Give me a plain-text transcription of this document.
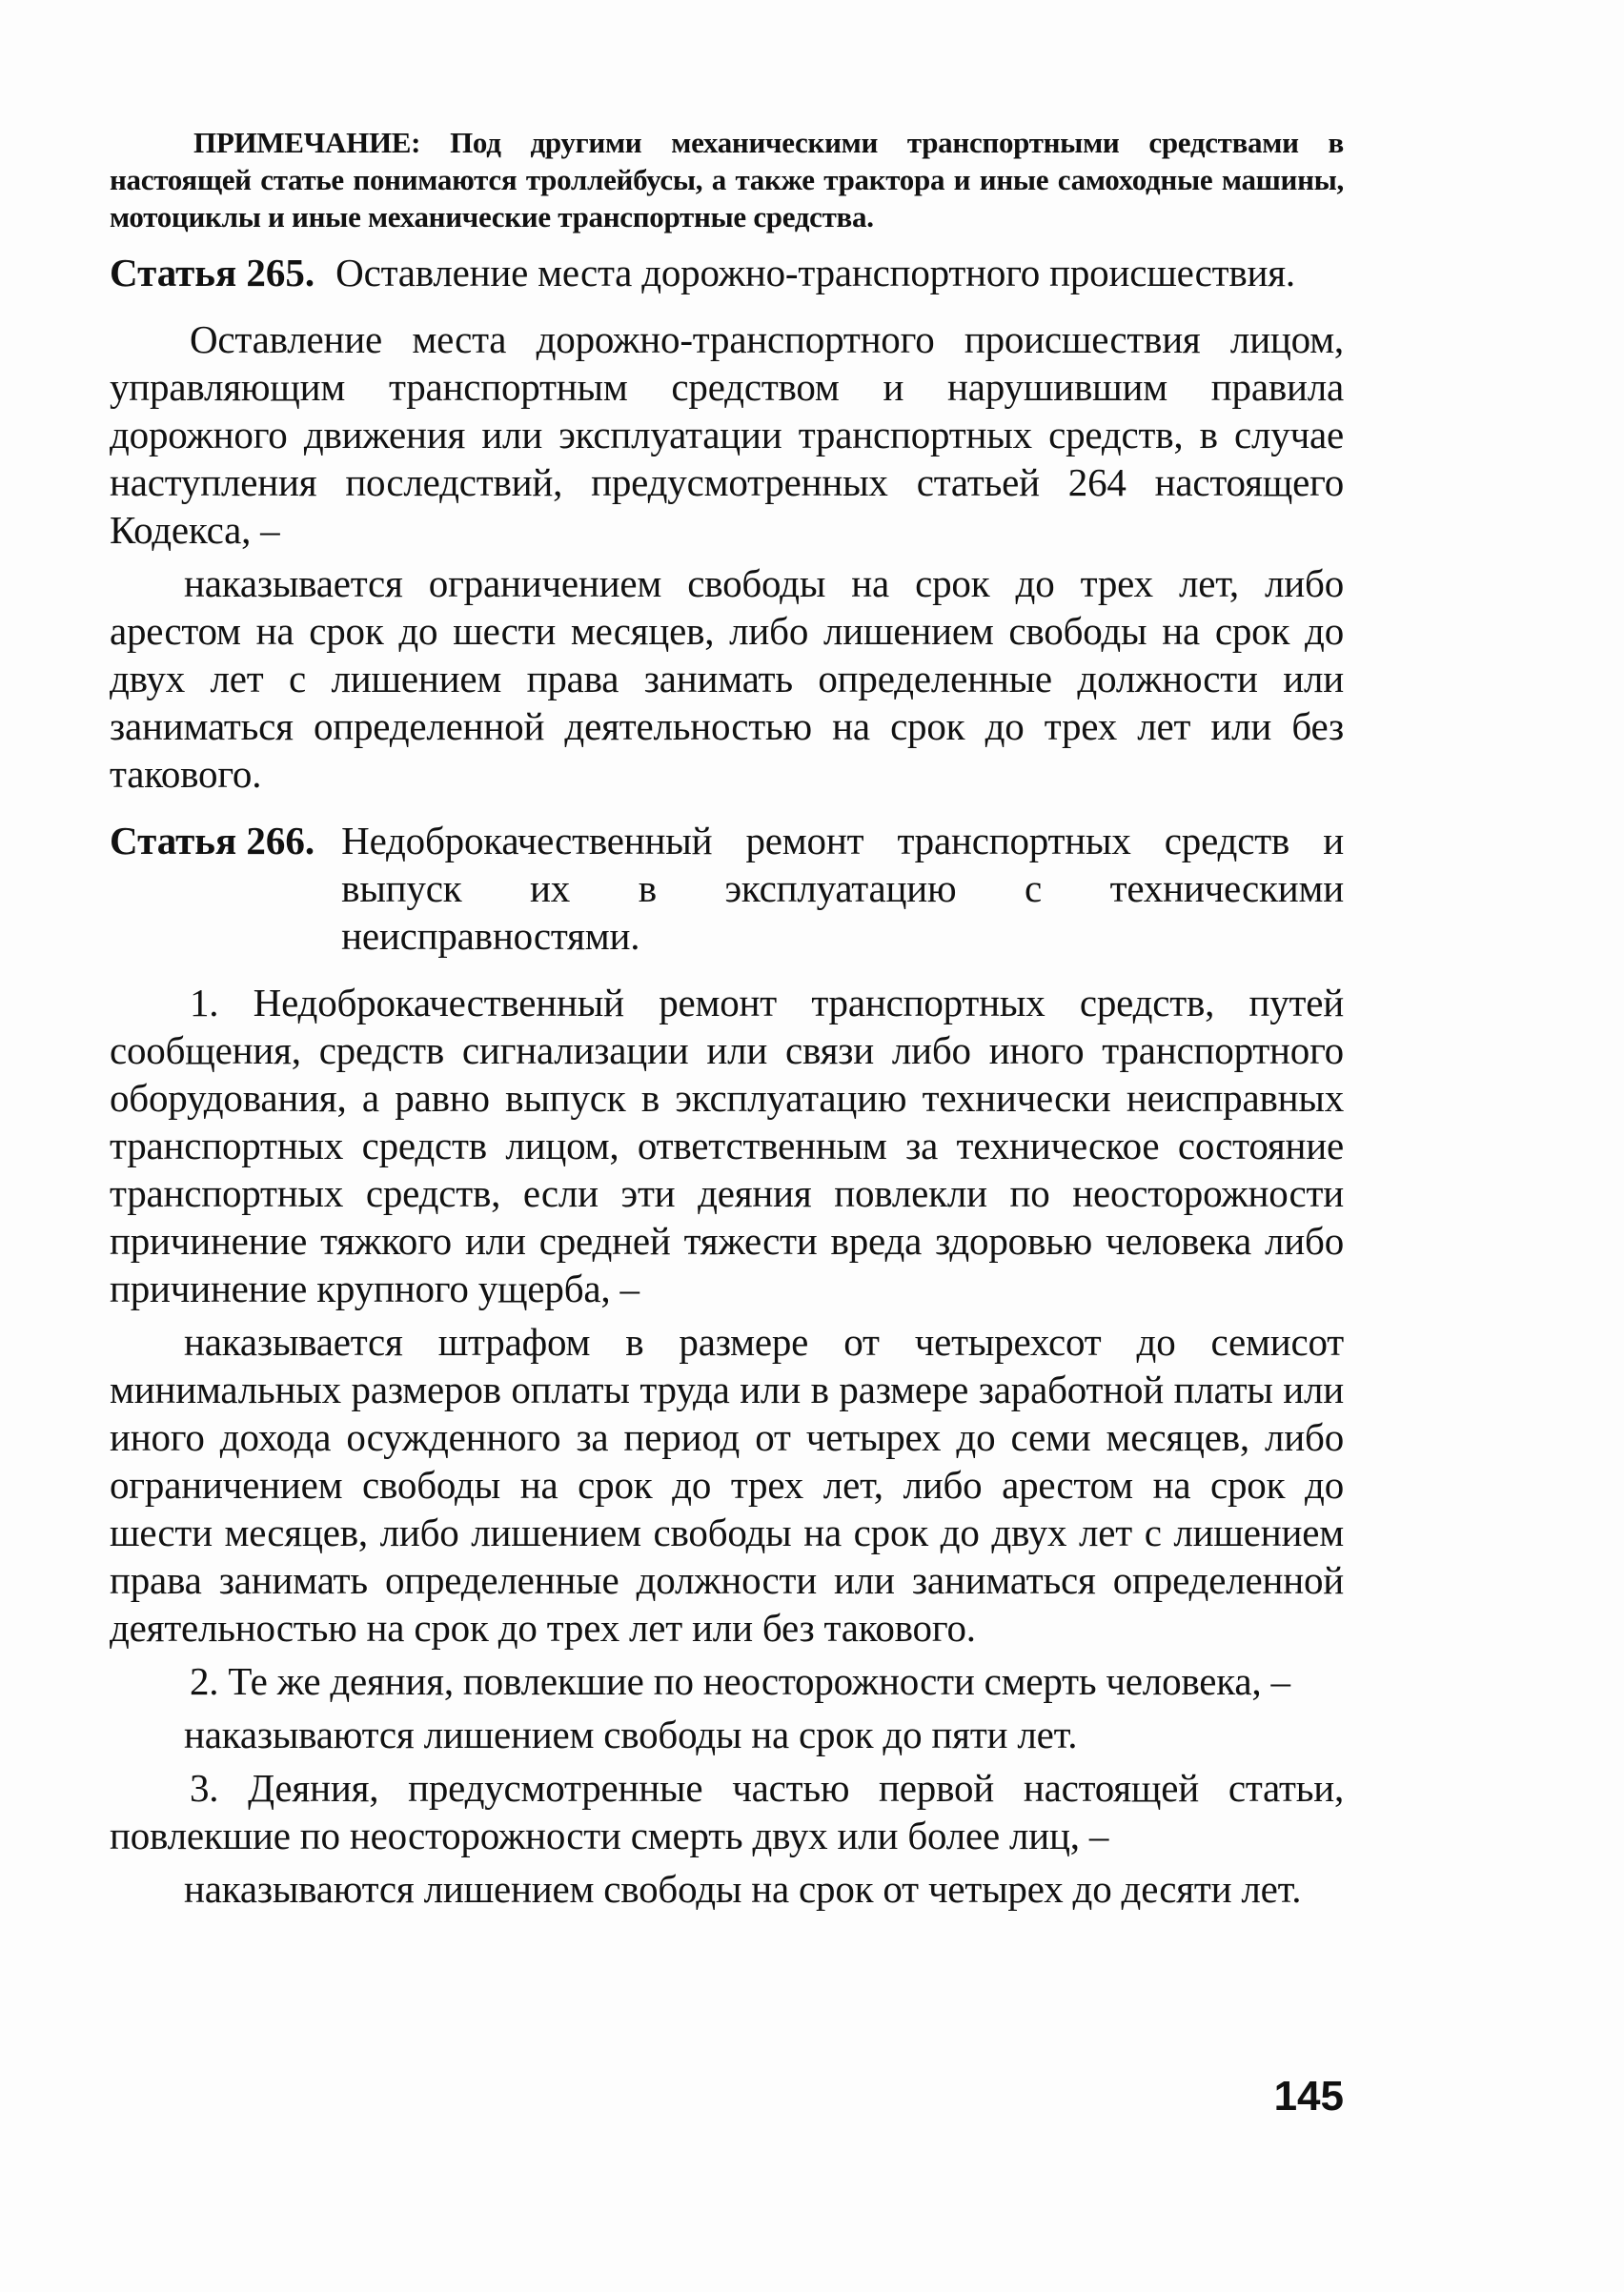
ПРИМЕЧАНИЕ: Под другими механическими транспортными средствами в настоящей статье понимаются троллейбусы, а также трактора и иные самоходные машины, мотоциклы и иные механические транспортные средства.

Статья 265. Оставление места дорожно-транспортного происшествия.

Оставление места дорожно-транспортного происшествия лицом, управляющим транспортным средством и нарушившим правила дорожного движения или эксплуатации транспортных средств, в случае наступления последствий, предусмотренных статьей 264 настоящего Кодекса, –

наказывается ограничением свободы на срок до трех лет, либо арестом на срок до шести месяцев, либо лишением свободы на срок до двух лет с лишением права занимать определенные должности или заниматься определенной деятельностью на срок до трех лет или без такового.

Статья 266. Недоброкачественный ремонт транспортных средств и выпуск их в эксплуатацию с техническими неисправностями.

1. Недоброкачественный ремонт транспортных средств, путей сообщения, средств сигнализации или связи либо иного транспортного оборудования, а равно выпуск в эксплуатацию технически неисправных транспортных средств лицом, ответственным за техническое состояние транспортных средств, если эти деяния повлекли по неосторожности причинение тяжкого или средней тяжести вреда здоровью человека либо причинение крупного ущерба, –

наказывается штрафом в размере от четырехсот до семисот минимальных размеров оплаты труда или в размере заработной платы или иного дохода осужденного за период от четырех до семи месяцев, либо ограничением свободы на срок до трех лет, либо арестом на срок до шести месяцев, либо лишением свободы на срок до двух лет с лишением права занимать определенные должности или заниматься определенной деятельностью на срок до трех лет или без такового.

2. Те же деяния, повлекшие по неосторожности смерть человека, –

наказываются лишением свободы на срок до пяти лет.

3. Деяния, предусмотренные частью первой настоящей статьи, повлекшие по неосторожности смерть двух или более лиц, –

наказываются лишением свободы на срок от четырех до десяти лет.

145
